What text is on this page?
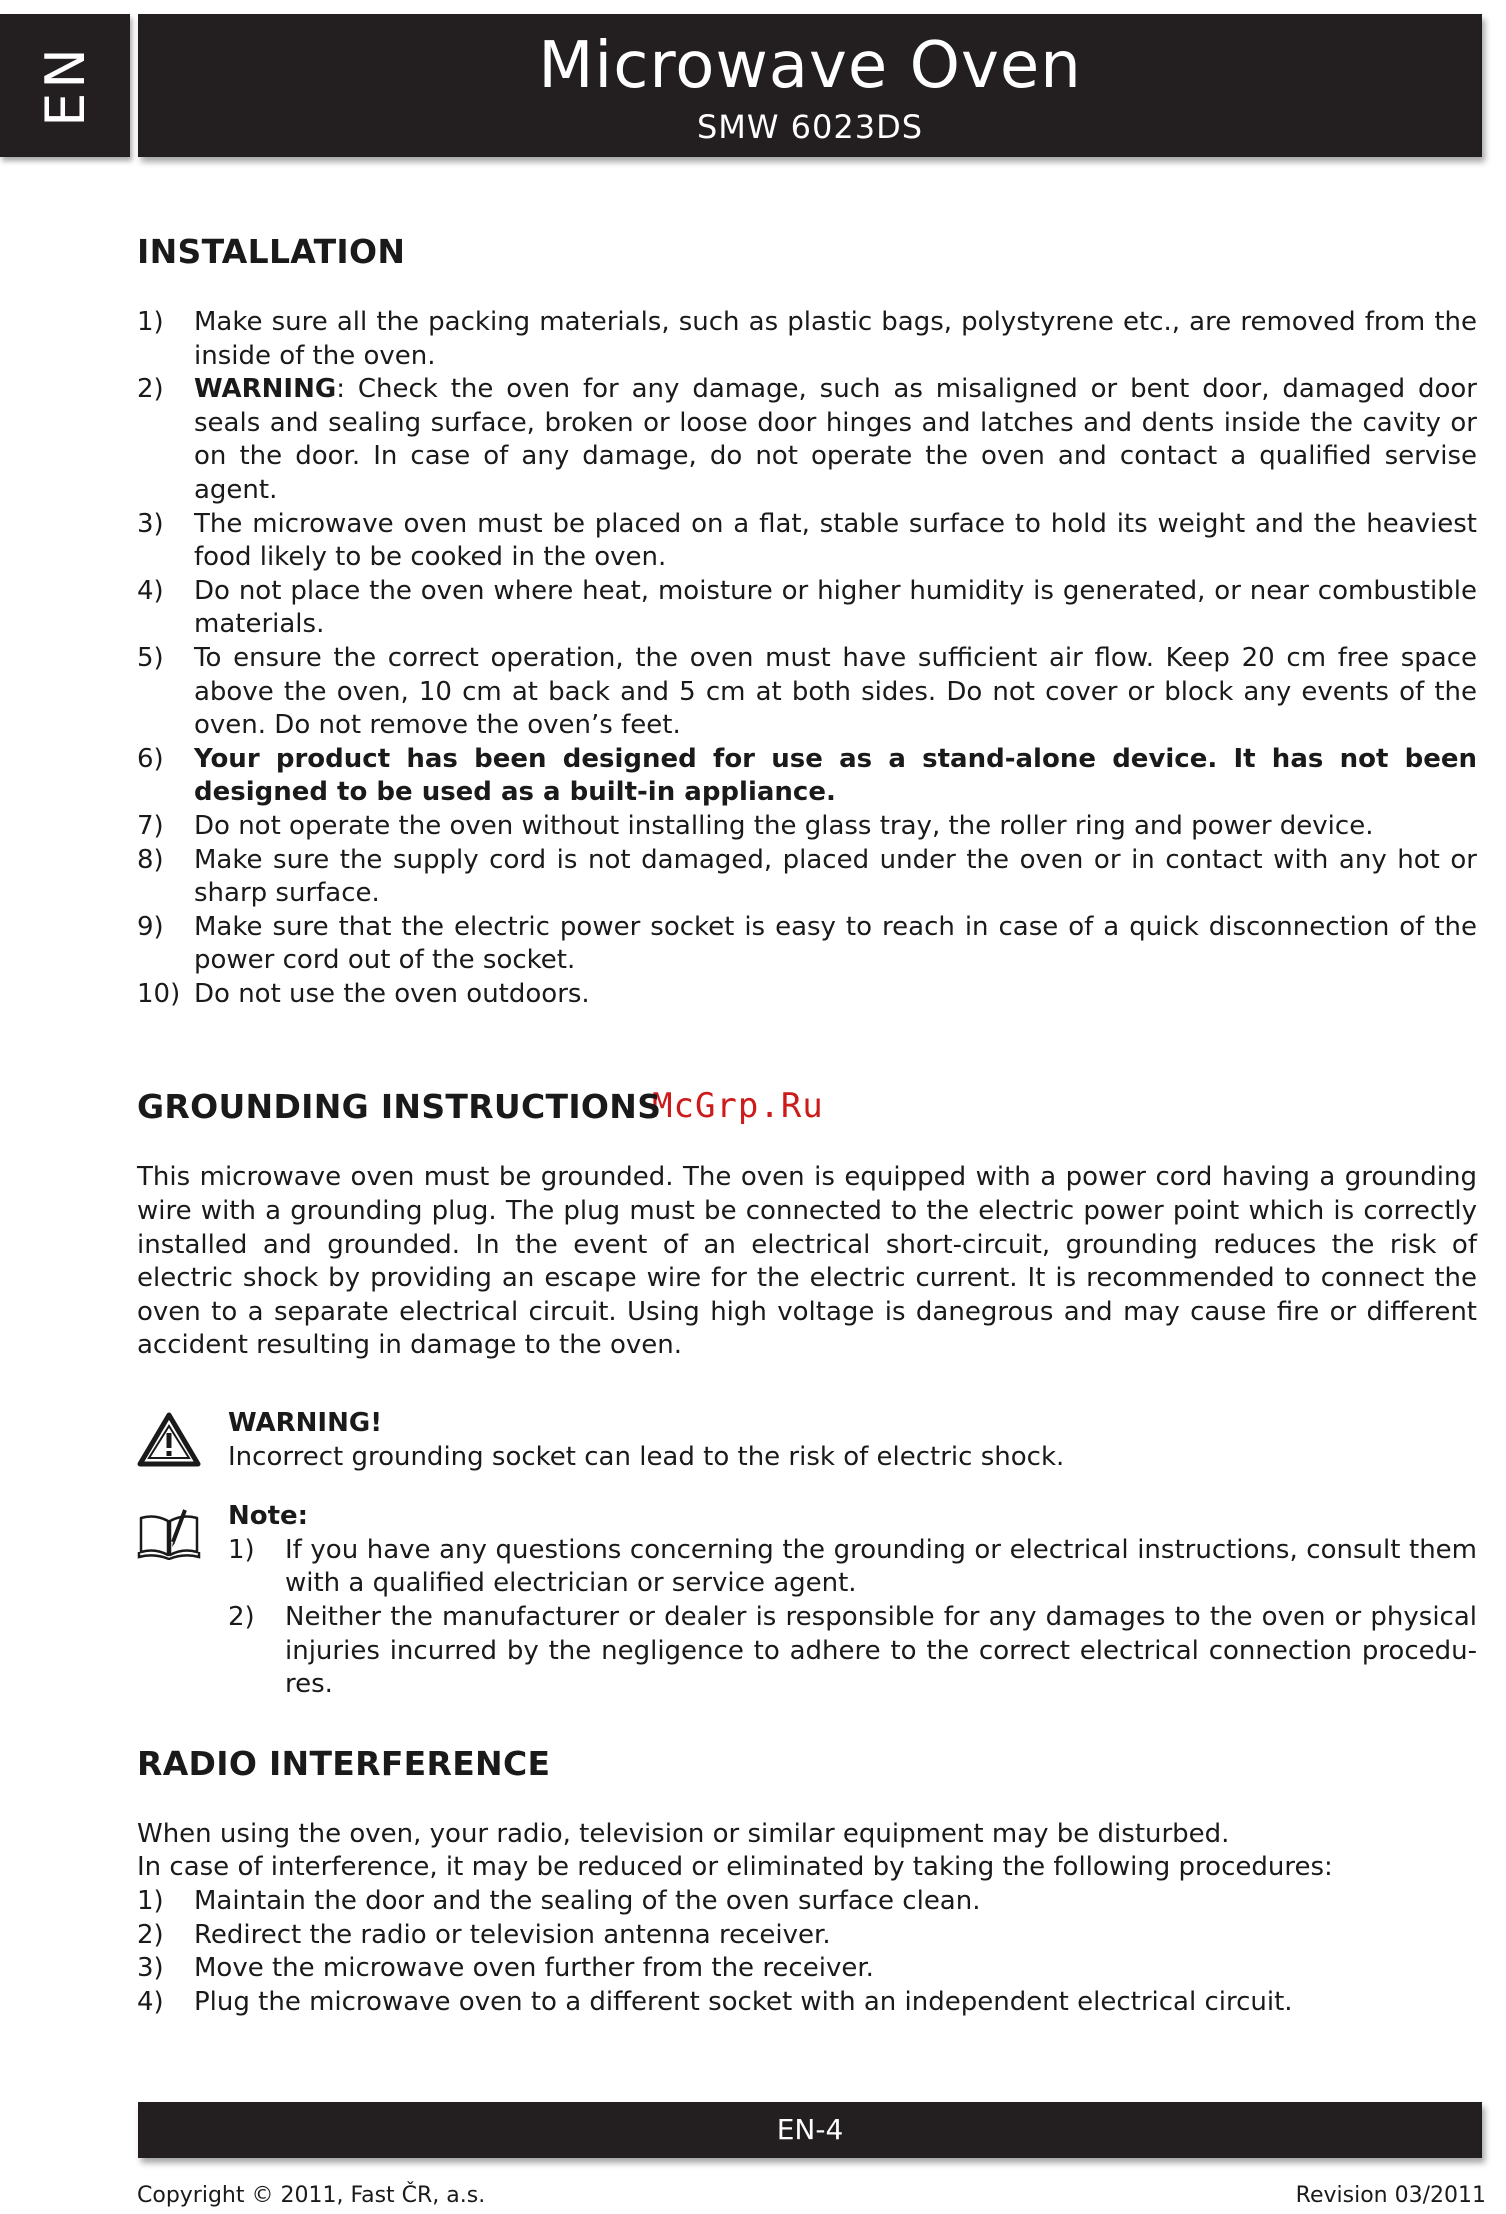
EN	Microwave Oven
SMW 6023DS
McGrp.Ru
INSTALLATION
1) Make sure all the packing materials, such as plastic bags, polystyrene etc., are removed from the inside of the oven.
2) WARNING: Check the oven for any damage, such as misaligned or bent door, damaged door seals and sealing surface, broken or loose door hinges and latches and dents inside the cavity or on the door. In case of any damage, do not operate the oven and contact a qualified servise agent.
3) The microwave oven must be placed on a flat, stable surface to hold its weight and the heaviest food likely to be cooked in the oven.
4) Do not place the oven where heat, moisture or higher humidity is generated, or near combustible materials.
5) To ensure the correct operation, the oven must have sufficient air flow. Keep 20 cm free space above the oven, 10 cm at back and 5 cm at both sides. Do not cover or block any events of the oven. Do not remove the oven’s feet.
6) Your product has been designed for use as a stand-alone device. It has not been designed to be used as a built-in appliance.
7) Do not operate the oven without installing the glass tray, the roller ring and power device.
8) Make sure the supply cord is not damaged, placed under the oven or in contact with any hot or sharp surface.
9) Make sure that the electric power socket is easy to reach in case of a quick disconnection of the power cord out of the socket.
10) Do not use the oven outdoors.
GROUNDING INSTRUCTIONS

This microwave oven must be grounded. The oven is equipped with a power cord having a grounding wire with a grounding plug. The plug must be connected to the electric power point which is correctly installed and grounded. In the event of an electrical short-circuit, grounding reduces the risk of electric shock by providing an escape wire for the electric current. It is recommended to connect the oven to a separate electrical circuit. Using high voltage is danegrous and may cause fire or different accident resulting in damage to the oven.

WARNING!
Incorrect grounding socket can lead to the risk of electric shock.
Note:
1) If you have any questions concerning the grounding or electrical instructions, consult them with a qualified electrician or service agent.
2) Neither the manufacturer or dealer is responsible for any damages to the oven or physical injuries incurred by the negligence to adhere to the correct electrical connection procedu-res.
RADIO INTERFERENCE

When using the oven, your radio, television or similar equipment may be disturbed.

In case of interference, it may be reduced or eliminated by taking the following procedures:

1) Maintain the door and the sealing of the oven surface clean.
2) Redirect the radio or television antenna receiver.
3) Move the microwave oven further from the receiver.
4) Plug the microwave oven to a different socket with an independent electrical circuit.
EN-4
Copyright © 2011, Fast ČR, a.s.	Revision 03/2011
